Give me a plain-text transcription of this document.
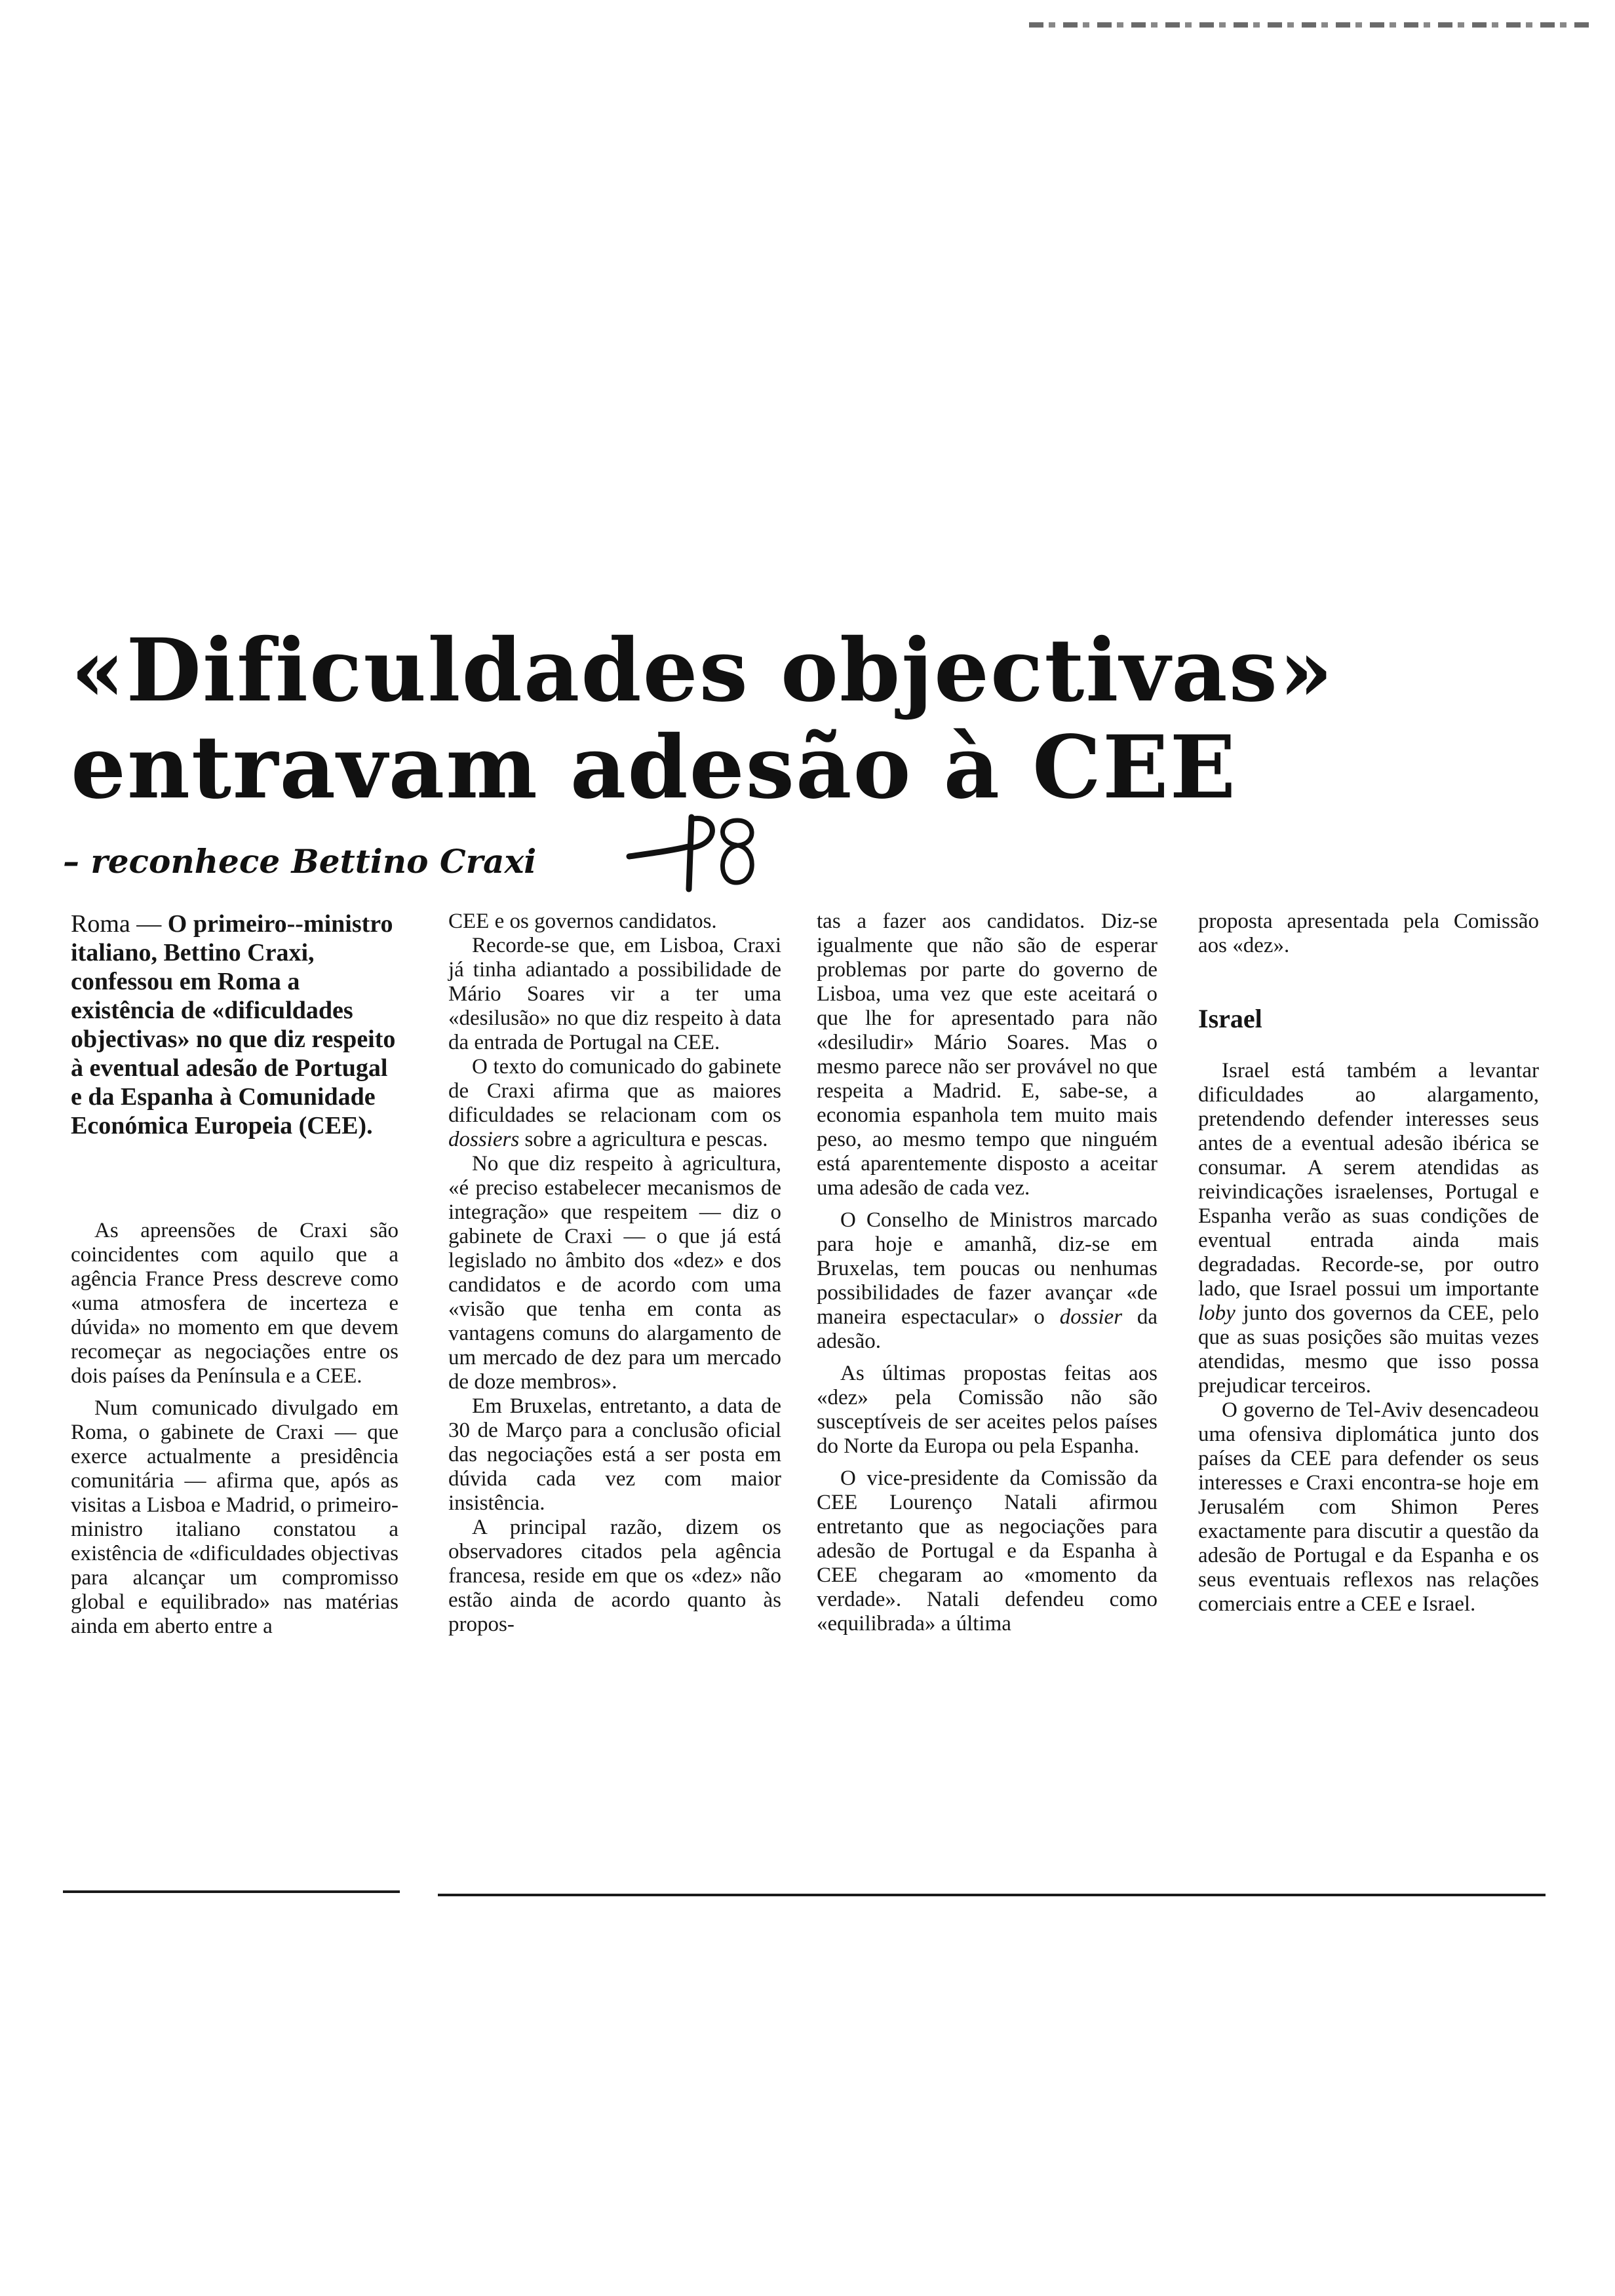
«Dificuldades objectivas»
entravam adesão à CEE
– reconhece Bettino Craxi

Roma — O primeiro--ministro italiano, Bettino Craxi, confessou em Roma a existência de «dificuldades objectivas» no que diz respeito à eventual adesão de Portugal e da Espanha à Comunidade Económica Europeia (CEE).

As apreensões de Craxi são coincidentes com aquilo que a agência France Press descreve como «uma atmosfera de incerteza e dúvida» no momento em que devem recomeçar as negociações entre os dois países da Península e a CEE.

Num comunicado divulgado em Roma, o gabinete de Craxi — que exerce actualmente a presidência comunitária — afirma que, após as visitas a Lisboa e Madrid, o primeiro-ministro italiano constatou a existência de «dificuldades objectivas para alcançar um compromisso global e equilibrado» nas matérias ainda em aberto entre a

CEE e os governos candidatos.

Recorde-se que, em Lisboa, Craxi já tinha adiantado a possibilidade de Mário Soares vir a ter uma «desilusão» no que diz respeito à data da entrada de Portugal na CEE.

O texto do comunicado do gabinete de Craxi afirma que as maiores dificuldades se relacionam com os dossiers sobre a agricultura e pescas.

No que diz respeito à agricultura, «é preciso estabelecer mecanismos de integração» que respeitem — diz o gabinete de Craxi — o que já está legislado no âmbito dos «dez» e dos candidatos e de acordo com uma «visão que tenha em conta as vantagens comuns do alargamento de um mercado de dez para um mercado de doze membros».

Em Bruxelas, entretanto, a data de 30 de Março para a conclusão oficial das negociações está a ser posta em dúvida cada vez com maior insistência.

A principal razão, dizem os observadores citados pela agência francesa, reside em que os «dez» não estão ainda de acordo quanto às propos-

tas a fazer aos candidatos. Diz-se igualmente que não são de esperar problemas por parte do governo de Lisboa, uma vez que este aceitará o que lhe for apresentado para não «desiludir» Mário Soares. Mas o mesmo parece não ser provável no que respeita a Madrid. E, sabe-se, a economia espanhola tem muito mais peso, ao mesmo tempo que ninguém está aparentemente disposto a aceitar uma adesão de cada vez.

O Conselho de Ministros marcado para hoje e amanhã, diz-se em Bruxelas, tem poucas ou nenhumas possibilidades de fazer avançar «de maneira espectacular» o dossier da adesão.

As últimas propostas feitas aos «dez» pela Comissão não são susceptíveis de ser aceites pelos países do Norte da Europa ou pela Espanha.

O vice-presidente da Comissão da CEE Lourenço Natali afirmou entretanto que as negociações para adesão de Portugal e da Espanha à CEE chegaram ao «momento da verdade». Natali defendeu como «equilibrada» a última

proposta apresentada pela Comissão aos «dez».

Israel

Israel está também a levantar dificuldades ao alargamento, pretendendo defender interesses seus antes de a eventual adesão ibérica se consumar. A serem atendidas as reivindicações israelenses, Portugal e Espanha verão as suas condições de eventual entrada ainda mais degradadas. Recorde-se, por outro lado, que Israel possui um importante loby junto dos governos da CEE, pelo que as suas posições são muitas vezes atendidas, mesmo que isso possa prejudicar terceiros.

O governo de Tel-Aviv desencadeou uma ofensiva diplomática junto dos países da CEE para defender os seus interesses e Craxi encontra-se hoje em Jerusalém com Shimon Peres exactamente para discutir a questão da adesão de Portugal e da Espanha e os seus eventuais reflexos nas relações comerciais entre a CEE e Israel.
